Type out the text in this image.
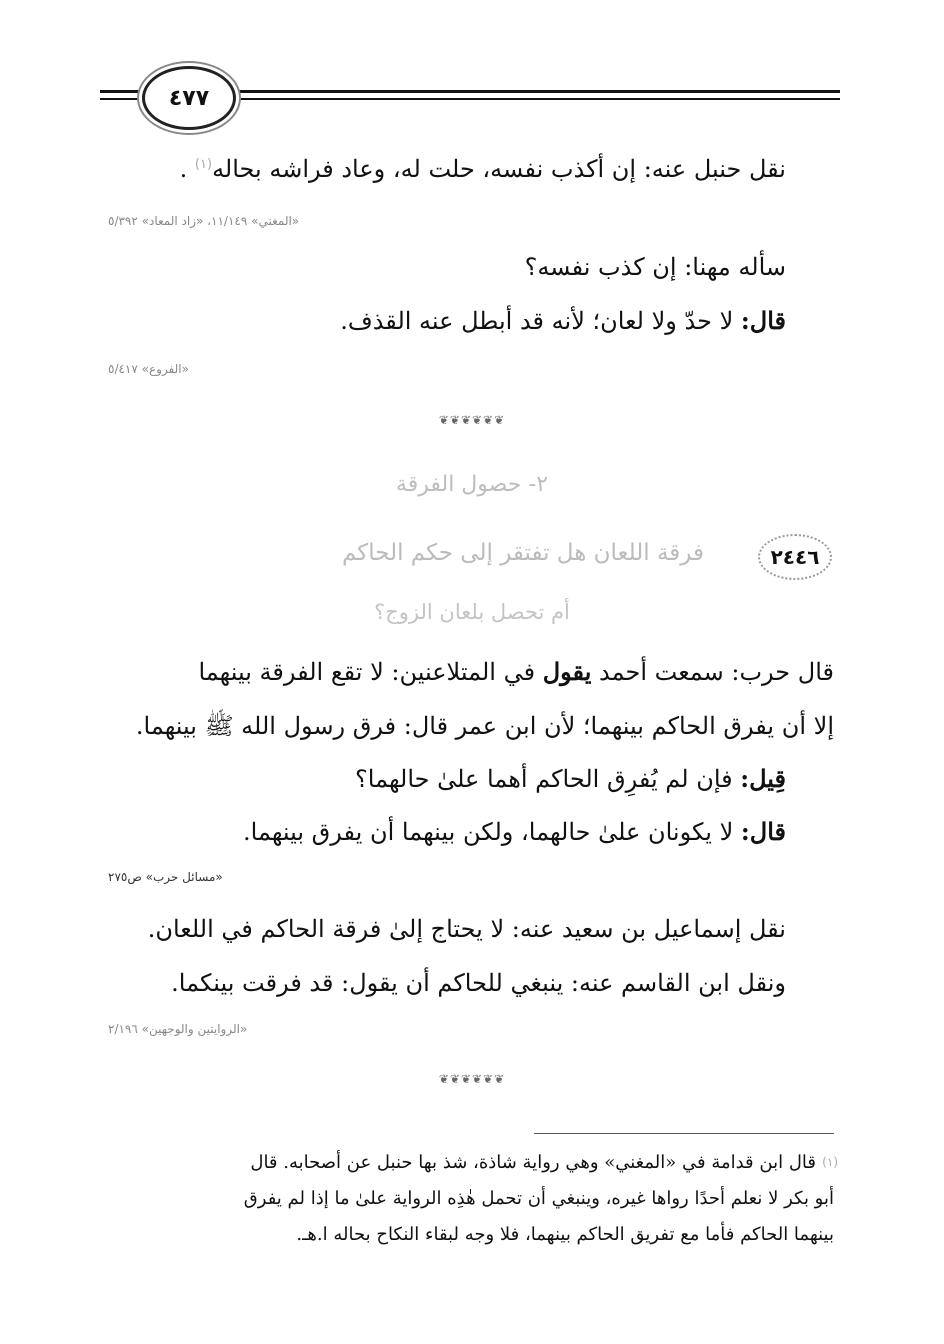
٤٧٧
نقل حنبل عنه: إن أكذب نفسه، حلت له، وعاد فراشه بحاله$^{(١)}$ .
«المغني» ١١/١٤٩، «زاد المعاد» ٥/٣٩٢
سأله مهنا: إن كذب نفسه؟
قال: لا حدّ ولا لعان؛ لأنه قد أبطل عنه القذف.
«الفروع» ٥/٤١٧
❦❦❦❦❦❦
٢- حصول الفرقة
٢٤٤٦
فرقة اللعان هل تفتقر إلى حكم الحاكم
أم تحصل بلعان الزوج؟
قال حرب: سمعت أحمد يقول في المتلاعنين: لا تقع الفرقة بينهما
إلا أن يفرق الحاكم بينهما؛ لأن ابن عمر قال: فرق رسول الله ﷺ بينهما.
قِيل: فإن لم يُفرِق الحاكم أهما علىٰ حالهما؟
قال: لا يكونان علىٰ حالهما، ولكن بينهما أن يفرق بينهما.
«مسائل حرب» ص٢٧٥
نقل إسماعيل بن سعيد عنه: لا يحتاج إلىٰ فرقة الحاكم في اللعان.
ونقل ابن القاسم عنه: ينبغي للحاكم أن يقول: قد فرقت بينكما.
«الروايتين والوجهين» ٢/١٩٦
❦❦❦❦❦❦
(١)
قال ابن قدامة في «المغني» وهي رواية شاذة، شذ بها حنبل عن أصحابه. قال
أبو بكر لا نعلم أحدًا رواها غيره، وينبغي أن تحمل هٰذِه الرواية علىٰ ما إذا لم يفرق
بينهما الحاكم فأما مع تفريق الحاكم بينهما، فلا وجه لبقاء النكاح بحاله ا.هـ.
